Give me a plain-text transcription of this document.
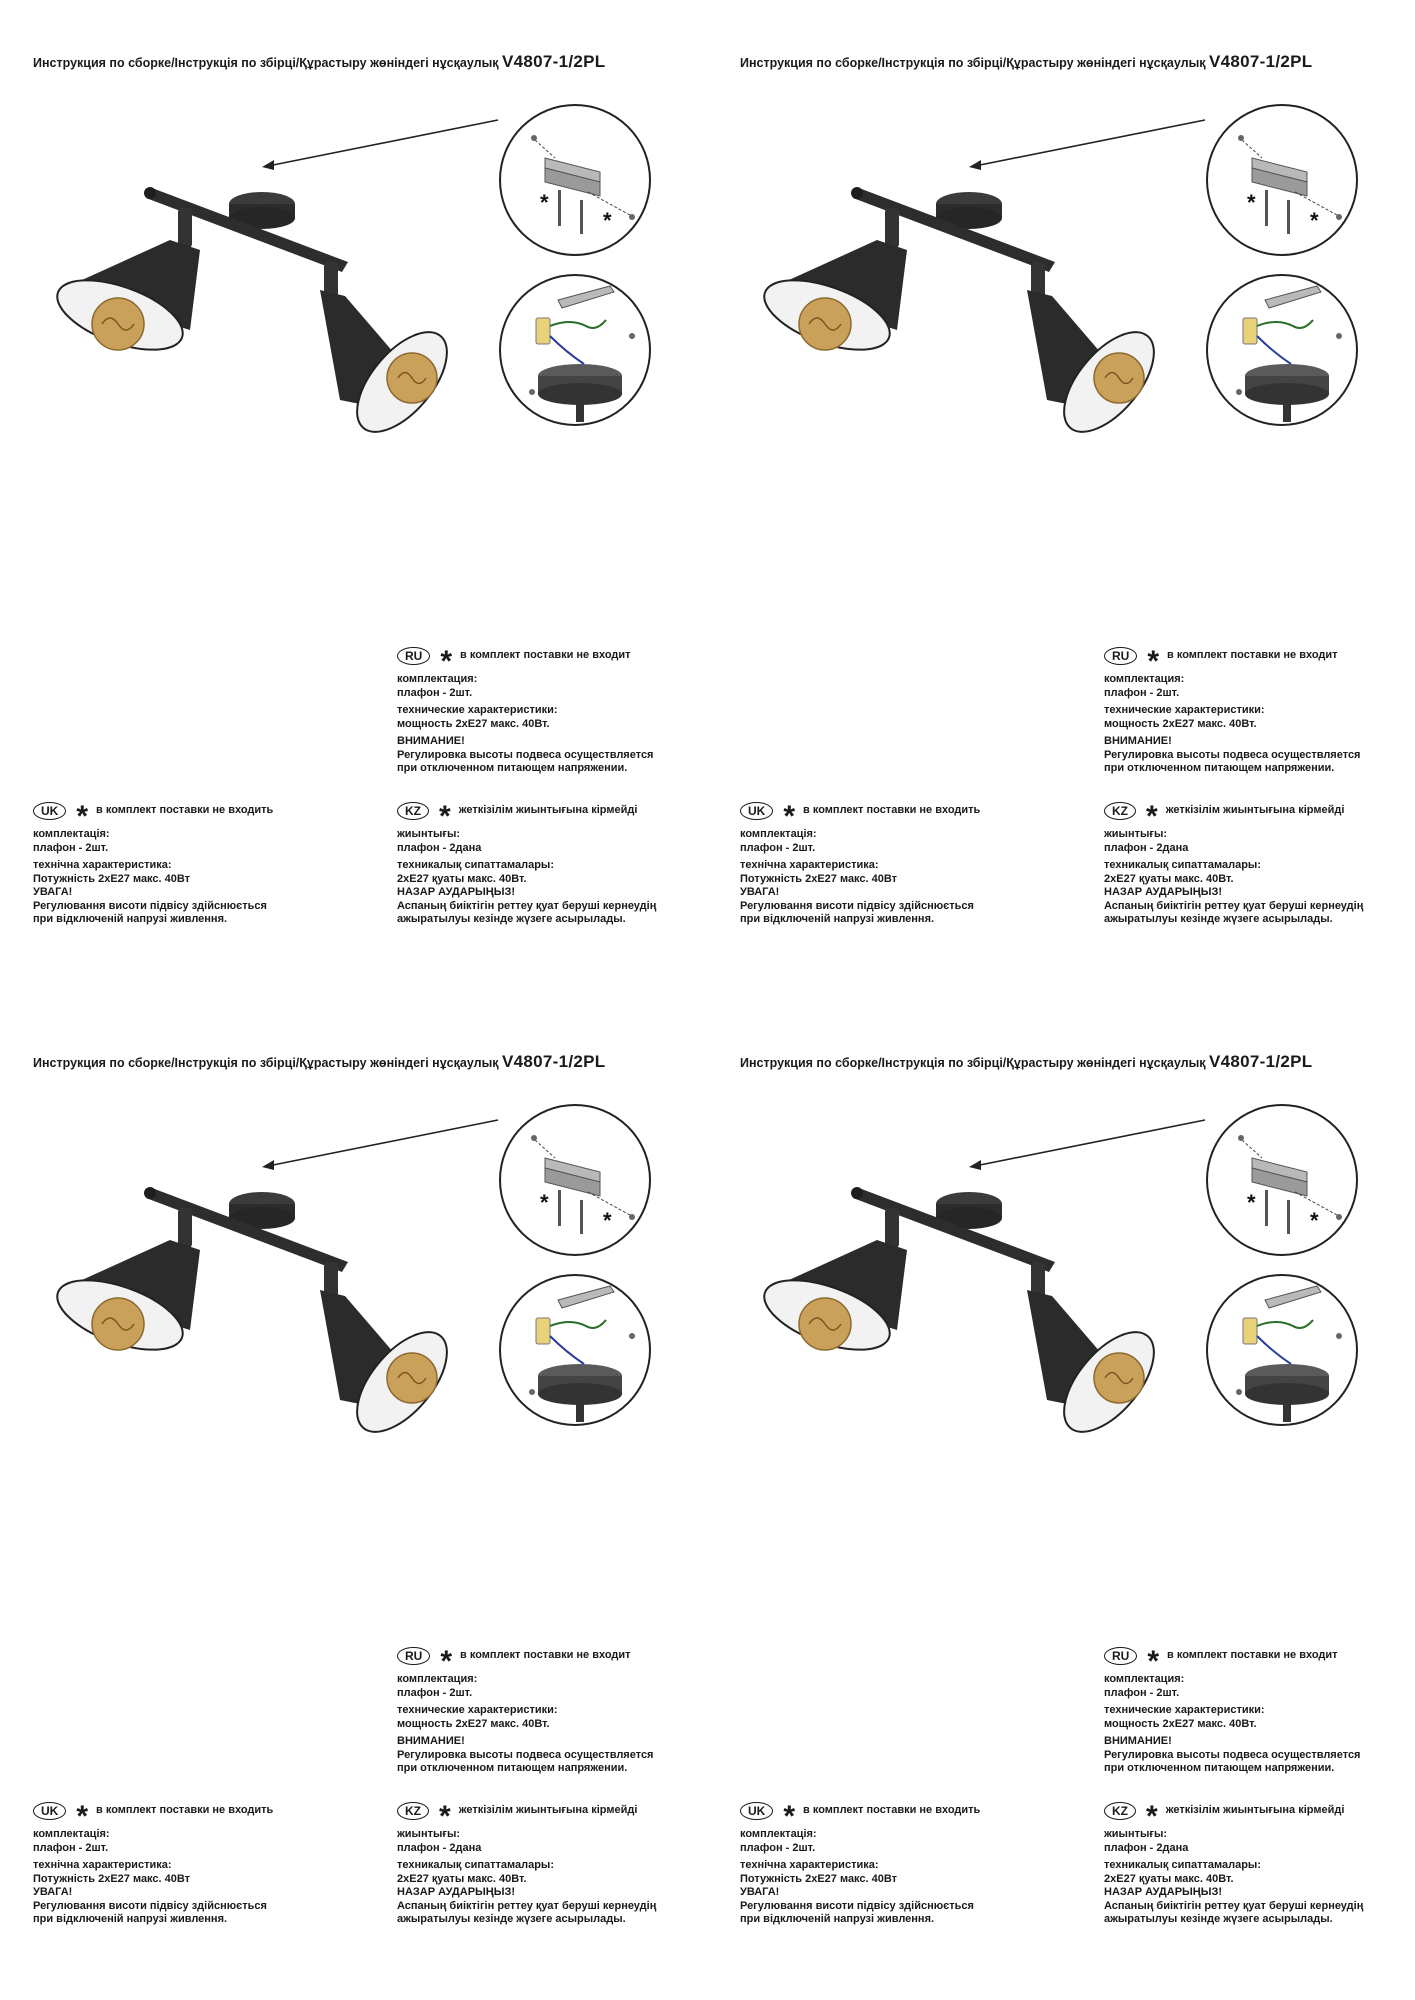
Инструкция по сборке/Інструкція по збірці/Құрастыру жөніндегі нұсқаулық V4807-1/2PL
*
*
RU * в комплект поставки не входит
комплектация:
плафон - 2шт.
технические характеристики:
мощность 2хЕ27 макс. 40Вт.
ВНИМАНИЕ!
Регулировка высоты подвеса осуществляется
при отключенном питающем напряжении.
UK * в комплект поставки не входить
комплектація:
плафон - 2шт.
технічна характеристика:
Потужність 2хЕ27 макс. 40Вт
УВАГА!
Регулювання висоти підвісу здійснюється
при відключеній напрузі живлення.
KZ * жеткізілім жиынтығына кірмейді
жиынтығы:
плафон - 2дана
техникалық сипаттамалары:
2хЕ27 қуаты макс. 40Вт.
НАЗАР АУДАРЫҢЫЗ!
Аспаның биіктігін реттеу қуат беруші кернеудің
ажыратылуы кезінде жүзеге асырылады.
Инструкция по сборке/Інструкція по збірці/Құрастыру жөніндегі нұсқаулық V4807-1/2PL
*
*
RU * в комплект поставки не входит
комплектация:
плафон - 2шт.
технические характеристики:
мощность 2хЕ27 макс. 40Вт.
ВНИМАНИЕ!
Регулировка высоты подвеса осуществляется
при отключенном питающем напряжении.
UK * в комплект поставки не входить
комплектація:
плафон - 2шт.
технічна характеристика:
Потужність 2хЕ27 макс. 40Вт
УВАГА!
Регулювання висоти підвісу здійснюється
при відключеній напрузі живлення.
KZ * жеткізілім жиынтығына кірмейді
жиынтығы:
плафон - 2дана
техникалық сипаттамалары:
2хЕ27 қуаты макс. 40Вт.
НАЗАР АУДАРЫҢЫЗ!
Аспаның биіктігін реттеу қуат беруші кернеудің
ажыратылуы кезінде жүзеге асырылады.
Инструкция по сборке/Інструкція по збірці/Құрастыру жөніндегі нұсқаулық V4807-1/2PL
*
*
RU * в комплект поставки не входит
комплектация:
плафон - 2шт.
технические характеристики:
мощность 2хЕ27 макс. 40Вт.
ВНИМАНИЕ!
Регулировка высоты подвеса осуществляется
при отключенном питающем напряжении.
UK * в комплект поставки не входить
комплектація:
плафон - 2шт.
технічна характеристика:
Потужність 2хЕ27 макс. 40Вт
УВАГА!
Регулювання висоти підвісу здійснюється
при відключеній напрузі живлення.
KZ * жеткізілім жиынтығына кірмейді
жиынтығы:
плафон - 2дана
техникалық сипаттамалары:
2хЕ27 қуаты макс. 40Вт.
НАЗАР АУДАРЫҢЫЗ!
Аспаның биіктігін реттеу қуат беруші кернеудің
ажыратылуы кезінде жүзеге асырылады.
Инструкция по сборке/Інструкція по збірці/Құрастыру жөніндегі нұсқаулық V4807-1/2PL
*
*
RU * в комплект поставки не входит
комплектация:
плафон - 2шт.
технические характеристики:
мощность 2хЕ27 макс. 40Вт.
ВНИМАНИЕ!
Регулировка высоты подвеса осуществляется
при отключенном питающем напряжении.
UK * в комплект поставки не входить
комплектація:
плафон - 2шт.
технічна характеристика:
Потужність 2хЕ27 макс. 40Вт
УВАГА!
Регулювання висоти підвісу здійснюється
при відключеній напрузі живлення.
KZ * жеткізілім жиынтығына кірмейді
жиынтығы:
плафон - 2дана
техникалық сипаттамалары:
2хЕ27 қуаты макс. 40Вт.
НАЗАР АУДАРЫҢЫЗ!
Аспаның биіктігін реттеу қуат беруші кернеудің
ажыратылуы кезінде жүзеге асырылады.
